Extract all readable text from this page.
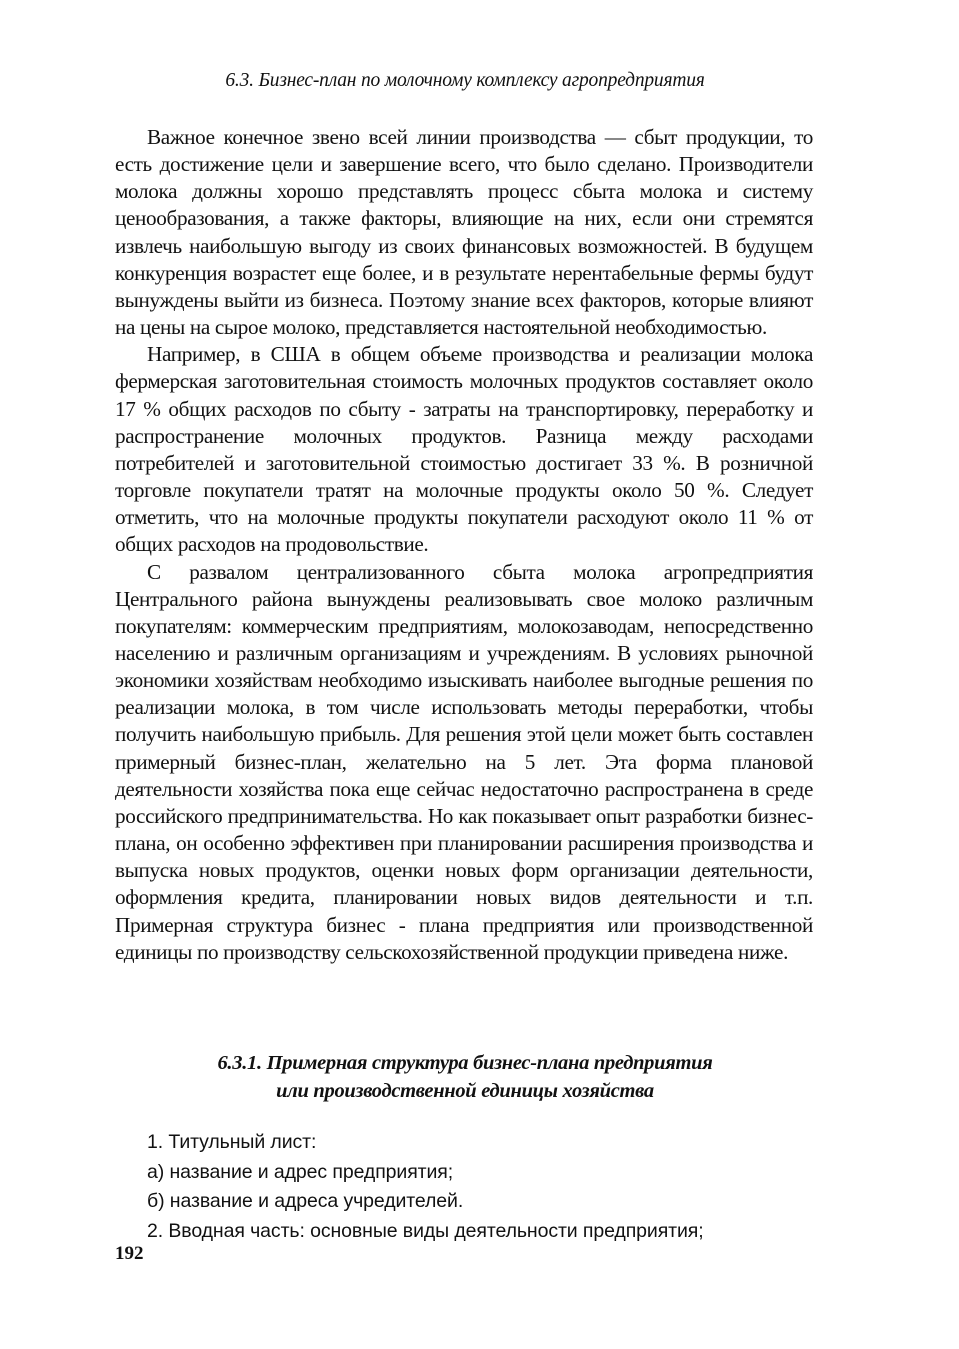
6.3. Бизнес-план по молочному комплексу агропредприятия

Важное конечное звено всей линии производства — сбыт продукции, то есть достижение цели и завершение всего, что было сделано. Производители молока должны хорошо представлять процесс сбыта молока и систему ценообразования, а также факторы, влияющие на них, если они стремятся извлечь наибольшую выгоду из своих финансовых возможностей. В будущем конкуренция возрастет еще более, и в результате нерентабельные фермы будут вынуждены выйти из бизнеса. Поэтому знание всех факторов, которые влияют на цены на сырое молоко, представляется настоятельной необходимостью.

Например, в США в общем объеме производства и реализации молока фермерская заготовительная стоимость молочных продуктов составляет около 17 % общих расходов по сбыту - затраты на транспортировку, переработку и распространение молочных продуктов. Разница между расходами потребителей и заготовительной стоимостью достигает 33 %. В розничной торговле покупатели тратят на молочные продукты около 50 %. Следует отметить, что на молочные продукты покупатели расходуют около 11 % от общих расходов на продовольствие.

С развалом централизованного сбыта молока агропредприятия Центрального района вынуждены реализовывать свое молоко различным покупателям: коммерческим предприятиям, молокозаводам, непосредственно населению и различным организациям и учреждениям. В условиях рыночной экономики хозяйствам необходимо изыскивать наиболее выгодные решения по реализации молока, в том числе использовать методы переработки, чтобы получить наибольшую прибыль. Для решения этой цели может быть составлен примерный бизнес-план, желательно на 5 лет. Эта форма плановой деятельности хозяйства пока еще сейчас недостаточно распространена в среде российского предпринимательства. Но как показывает опыт разработки бизнес-плана, он особенно эффективен при планировании расширения производства и выпуска новых продуктов, оценки новых форм организации деятельности, оформления кредита, планировании новых видов деятельности и т.п. Примерная структура бизнес - плана предприятия или производственной единицы по производству сельскохозяйственной продукции приведена ниже.

6.3.1. Примерная структура бизнес-плана предприятия
или производственной единицы хозяйства
1. Титульный лист:
а) название и адрес предприятия;
б) название и адреса учредителей.
2. Вводная часть: основные виды деятельности предприятия;
192
